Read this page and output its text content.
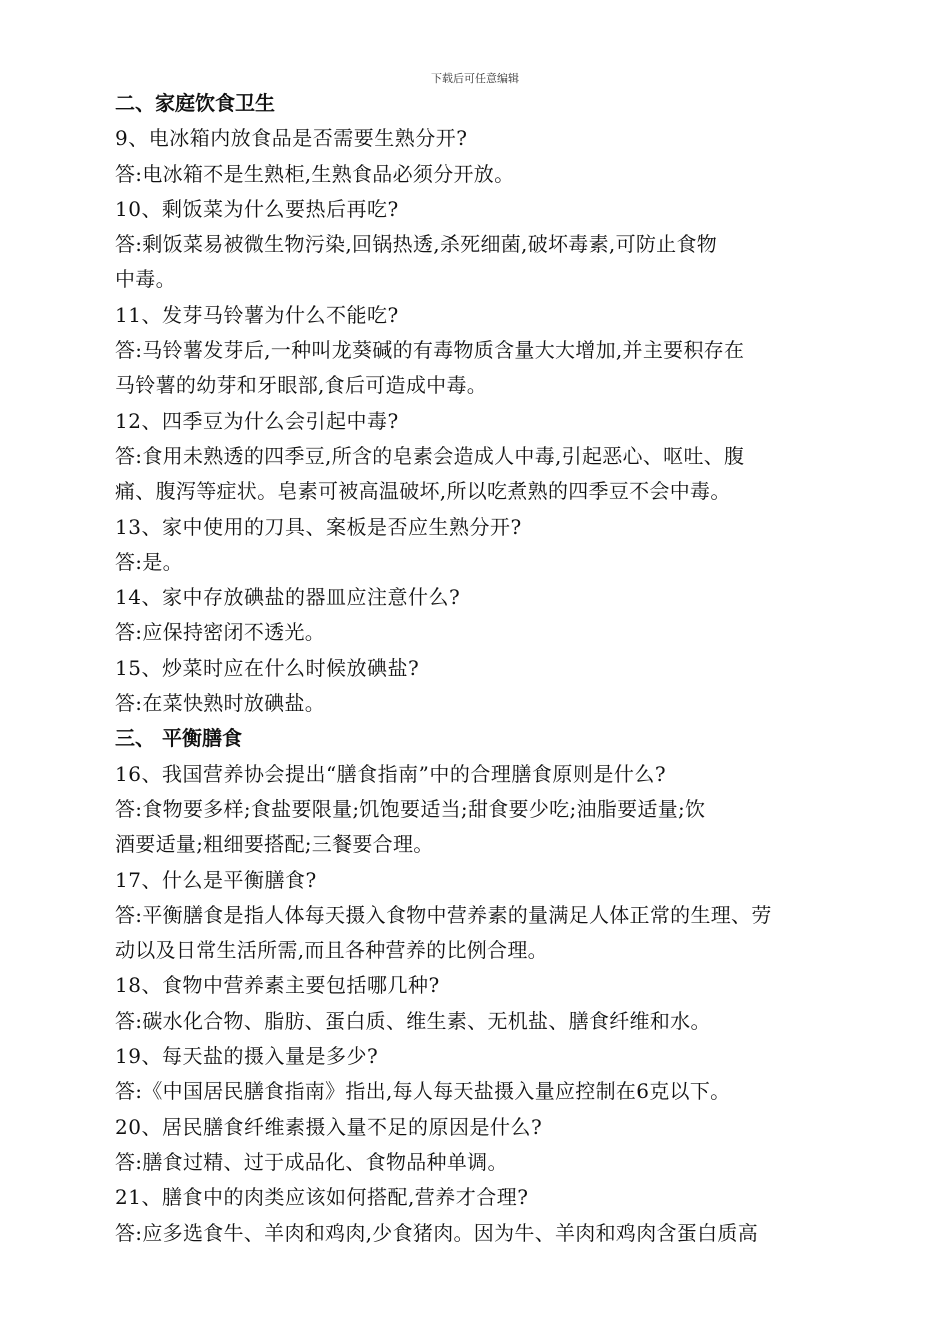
下载后可任意编辑
二、家庭饮食卫生
9、电冰箱内放食品是否需要生熟分开?
答:电冰箱不是生熟柜,生熟食品必须分开放。
10、剩饭菜为什么要热后再吃?
答:剩饭菜易被微生物污染,回锅热透,杀死细菌,破坏毒素,可防止食物
中毒。
11、发芽马铃薯为什么不能吃?
答:马铃薯发芽后,一种叫龙葵碱的有毒物质含量大大增加,并主要积存在
马铃薯的幼芽和牙眼部,食后可造成中毒。
12、四季豆为什么会引起中毒?
答:食用未熟透的四季豆,所含的皂素会造成人中毒,引起恶心、呕吐、腹
痛、腹泻等症状。皂素可被高温破坏,所以吃煮熟的四季豆不会中毒。
13、家中使用的刀具、案板是否应生熟分开?
答:是。
14、家中存放碘盐的器皿应注意什么?
答:应保持密闭不透光。
15、炒菜时应在什么时候放碘盐?
答:在菜快熟时放碘盐。
三、 平衡膳食
16、我国营养协会提出“膳食指南”中的合理膳食原则是什么?
答:食物要多样;食盐要限量;饥饱要适当;甜食要少吃;油脂要适量;饮
酒要适量;粗细要搭配;三餐要合理。
17、什么是平衡膳食?
答:平衡膳食是指人体每天摄入食物中营养素的量满足人体正常的生理、劳
动以及日常生活所需,而且各种营养的比例合理。
18、食物中营养素主要包括哪几种?
答:碳水化合物、脂肪、蛋白质、维生素、无机盐、膳食纤维和水。
19、每天盐的摄入量是多少?
答:《中国居民膳食指南》指出,每人每天盐摄入量应控制在6克以下。
20、居民膳食纤维素摄入量不足的原因是什么?
答:膳食过精、过于成品化、食物品种单调。
21、膳食中的肉类应该如何搭配,营养才合理?
答:应多选食牛、羊肉和鸡肉,少食猪肉。因为牛、羊肉和鸡肉含蛋白质高
